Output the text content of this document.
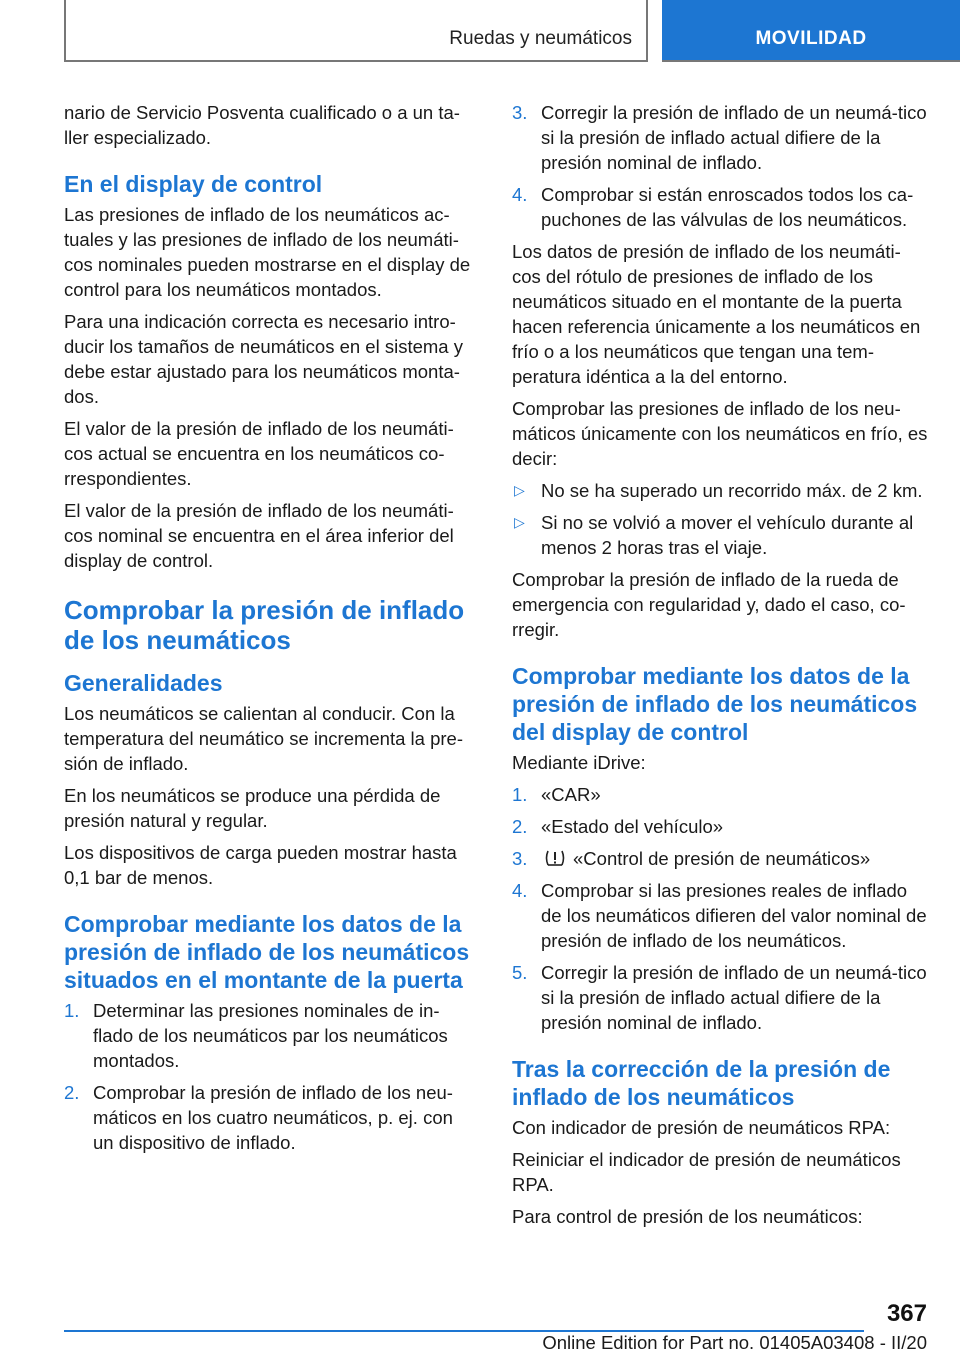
Ruedas y neumáticos	MOVILIDAD

nario de Servicio Posventa cualificado o a un ta-ller especializado.

En el display de control

Las presiones de inflado de los neumáticos ac-tuales y las presiones de inflado de los neumáti-cos nominales pueden mostrarse en el display de control para los neumáticos montados.

Para una indicación correcta es necesario intro-ducir los tamaños de neumáticos en el sistema y debe estar ajustado para los neumáticos monta-dos.

El valor de la presión de inflado de los neumáti-cos actual se encuentra en los neumáticos co-rrespondientes.

El valor de la presión de inflado de los neumáti-cos nominal se encuentra en el área inferior del display de control.

Comprobar la presión de inflado de los neumáticos
Generalidades

Los neumáticos se calientan al conducir. Con la temperatura del neumático se incrementa la pre-sión de inflado.

En los neumáticos se produce una pérdida de presión natural y regular.

Los dispositivos de carga pueden mostrar hasta 0,1 bar de menos.

Comprobar mediante los datos de la presión de inflado de los neumáticos situados en el montante de la puerta
1. Determinar las presiones nominales de in-flado de los neumáticos par los neumáticos montados.
2. Comprobar la presión de inflado de los neu-máticos en los cuatro neumáticos, p. ej. con un dispositivo de inflado.
3. Corregir la presión de inflado de un neumá-tico si la presión de inflado actual difiere de la presión nominal de inflado.
4. Comprobar si están enroscados todos los ca-puchones de las válvulas de los neumáticos.

Los datos de presión de inflado de los neumáti-cos del rótulo de presiones de inflado de los neumáticos situado en el montante de la puerta hacen referencia únicamente a los neumáticos en frío o a los neumáticos que tengan una tem-peratura idéntica a la del entorno.

Comprobar las presiones de inflado de los neu-máticos únicamente con los neumáticos en frío, es decir:

▷ No se ha superado un recorrido máx. de 2 km.
▷ Si no se volvió a mover el vehículo durante al menos 2 horas tras el viaje.

Comprobar la presión de inflado de la rueda de emergencia con regularidad y, dado el caso, co-rregir.

Comprobar mediante los datos de la presión de inflado de los neumáticos del display de control

Mediante iDrive:

1. «CAR»
2. «Estado del vehículo»
3. «Control de presión de neumáticos»
4. Comprobar si las presiones reales de inflado de los neumáticos difieren del valor nominal de presión de inflado de los neumáticos.
5. Corregir la presión de inflado de un neumá-tico si la presión de inflado actual difiere de la presión nominal de inflado.
Tras la corrección de la presión de inflado de los neumáticos

Con indicador de presión de neumáticos RPA:

Reiniciar el indicador de presión de neumáticos RPA.

Para control de presión de los neumáticos:

367
Online Edition for Part no. 01405A03408 - II/20
